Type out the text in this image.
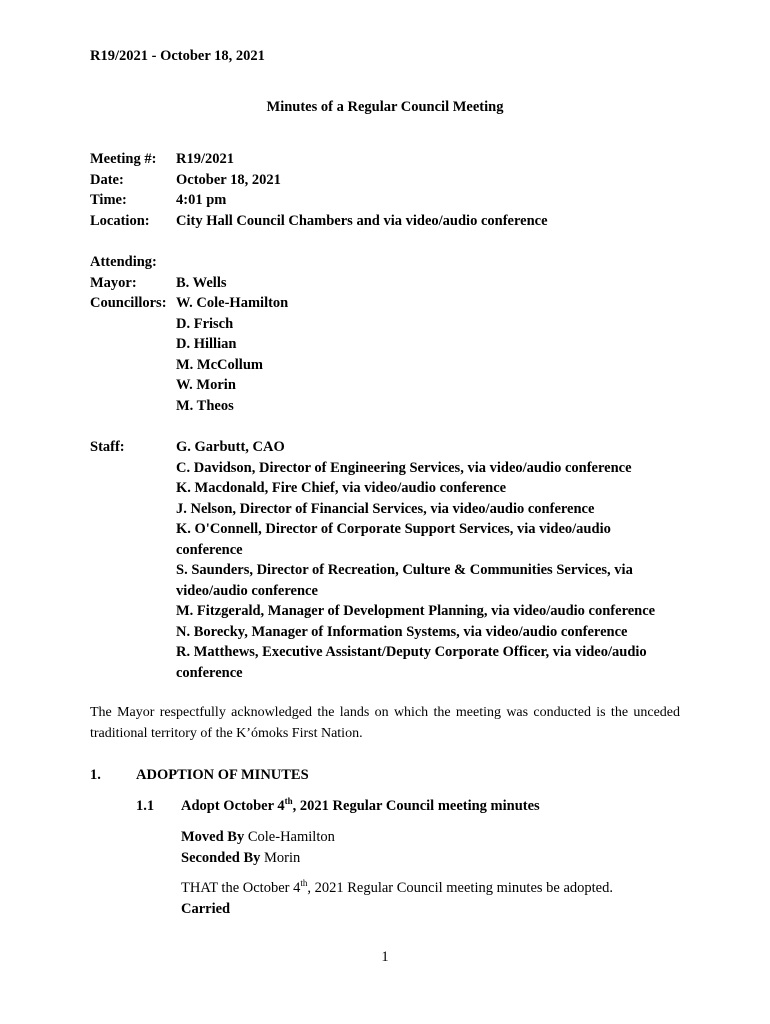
R19/2021 - October 18, 2021
Minutes of a Regular Council Meeting
Meeting #: R19/2021
Date:	October 18, 2021
Time:	4:01 pm
Location: City Hall Council Chambers and via video/audio conference
Attending:
Mayor:	B. Wells
Councillors: W. Cole-Hamilton
D. Frisch
D. Hillian
M. McCollum
W. Morin
M. Theos
Staff:	G. Garbutt, CAO
C. Davidson, Director of Engineering Services, via video/audio conference
K. Macdonald, Fire Chief, via video/audio conference
J. Nelson, Director of Financial Services, via video/audio conference
K. O'Connell, Director of Corporate Support Services, via video/audio
conference
S. Saunders, Director of Recreation, Culture & Communities Services, via
video/audio conference
M. Fitzgerald, Manager of Development Planning, via video/audio conference
N. Borecky, Manager of Information Systems, via video/audio conference
R. Matthews, Executive Assistant/Deputy Corporate Officer, via video/audio
conference
The Mayor respectfully acknowledged the lands on which the meeting was conducted is the unceded traditional territory of the K’ómoks First Nation.
1. ADOPTION OF MINUTES
1.1 Adopt October 4th, 2021 Regular Council meeting minutes
Moved By Cole-Hamilton
Seconded By Morin
THAT the October 4th, 2021 Regular Council meeting minutes be adopted.
Carried
1
